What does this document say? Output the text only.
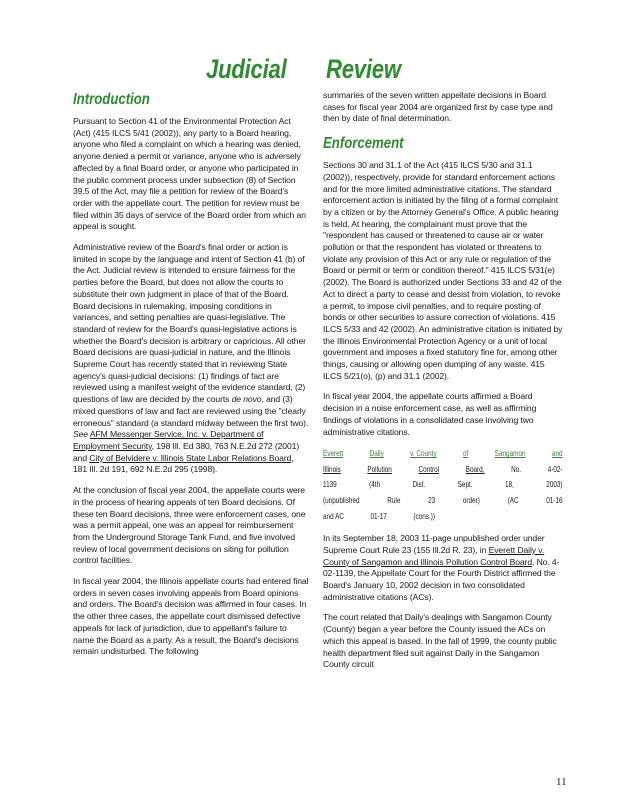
Judicial Review
Introduction

Pursuant to Section 41 of the Environmental Protection Act (Act) (415 ILCS 5/41 (2002)), any party to a Board hearing, anyone who filed a complaint on which a hearing was denied, anyone denied a permit or variance, anyone who is adversely affected by a final Board order, or anyone who participated in the public comment process under subsection (8) of Section 39.5 of the Act, may file a petition for review of the Board's order with the appellate court. The petition for review must be filed within 35 days of service of the Board order from which an appeal is sought.

Administrative review of the Board's final order or action is limited in scope by the language and intent of Section 41 (b) of the Act. Judicial review is intended to ensure fairness for the parties before the Board, but does not allow the courts to substitute their own judgment in place of that of the Board. Board decisions in rulemaking, imposing conditions in variances, and setting penalties are quasi-legislative. The standard of review for the Board's quasi-legislative actions is whether the Board's decision is arbitrary or capricious. All other Board decisions are quasi-judicial in nature, and the Illinois Supreme Court has recently stated that in reviewing State agency's quasi-judicial decisions: (1) findings of fact are reviewed using a manifest weight of the evidence standard, (2) questions of law are decided by the courts de novo, and (3) mixed questions of law and fact are reviewed using the "clearly erroneous" standard (a standard midway between the first two). See AFM Messenger Service, Inc. v. Department of Employment Security, 198 Ill. Ed 380, 763 N.E.2d 272 (2001) and City of Belvidere v. Illinois State Labor Relations Board, 181 Ill. 2d 191, 692 N.E.2d 295 (1998).

At the conclusion of fiscal year 2004, the appellate courts were in the process of hearing appeals of ten Board decisions. Of these ten Board decisions, three were enforcement cases, one was a permit appeal, one was an appeal for reimbursement from the Underground Storage Tank Fund, and five involved review of local government decisions on siting for pollution control facilities.

In fiscal year 2004, the Illinois appellate courts had entered final orders in seven cases involving appeals from Board opinions and orders. The Board's decision was affirmed in four cases. In the other three cases, the appellate court dismissed defective appeals for lack of jurisdiction, due to appellant's failure to name the Board as a party. As a result, the Board's decisions remain undisturbed. The following

summaries of the seven written appellate decisions in Board cases for fiscal year 2004 are organized first by case type and then by date of final determination.

Enforcement

Sections 30 and 31.1 of the Act (415 ILCS 5/30 and 31.1 (2002)), respectively, provide for standard enforcement actions and for the more limited administrative citations. The standard enforcement action is initiated by the filing of a formal complaint by a citizen or by the Attorney General's Office. A public hearing is held. At hearing, the complainant must prove that the "respondent has caused or threatened to cause air or water pollution or that the respondent has violated or threatens to violate any provision of this Act or any rule or regulation of the Board or permit or term or condition thereof." 415 ILCS 5/31(e)(2002). The Board is authorized under Sections 33 and 42 of the Act to direct a party to cease and desist from violation, to revoke a permit, to impose civil penalties, and to require posting of bonds or other securities to assure correction of violations. 415 ILCS 5/33 and 42 (2002). An administrative citation is initiated by the Illinois Environmental Protection Agency or a unit of local government and imposes a fixed statutory fine for, among other things, causing or allowing open dumping of any waste. 415 ILCS 5/21(o), (p) and 31.1 (2002).

In fiscal year 2004, the appellate courts affirmed a Board decision in a noise enforcement case, as well as affirming findings of violations in a consolidated case involving two administrative citations.

Everett	Daily	v. County	of	Sangamon	and
Illinois	Pollution	Control	Board,	No.	4-02-
1139	(4th	Dist.	Sept.	18,	2003)
(unpublished	Rule	23	order)	(AC	01-16
and AC	01-17	(cons.))

In its September 18, 2003 11-page unpublished order under Supreme Court Rule 23 (155 Ill.2d R. 23), in Everett Daily v. County of Sangamon and Illinois Pollution Control Board, No. 4-02-1139, the Appellate Court for the Fourth District affirmed the Board's January 10, 2002 decision in two consolidated administrative citations (ACs).

The court related that Daily's dealings with Sangamon County (County) began a year before the County issued the ACs on which this appeal is based. In the fall of 1999, the county public health department filed suit against Daily in the Sangamon County circuit

11
